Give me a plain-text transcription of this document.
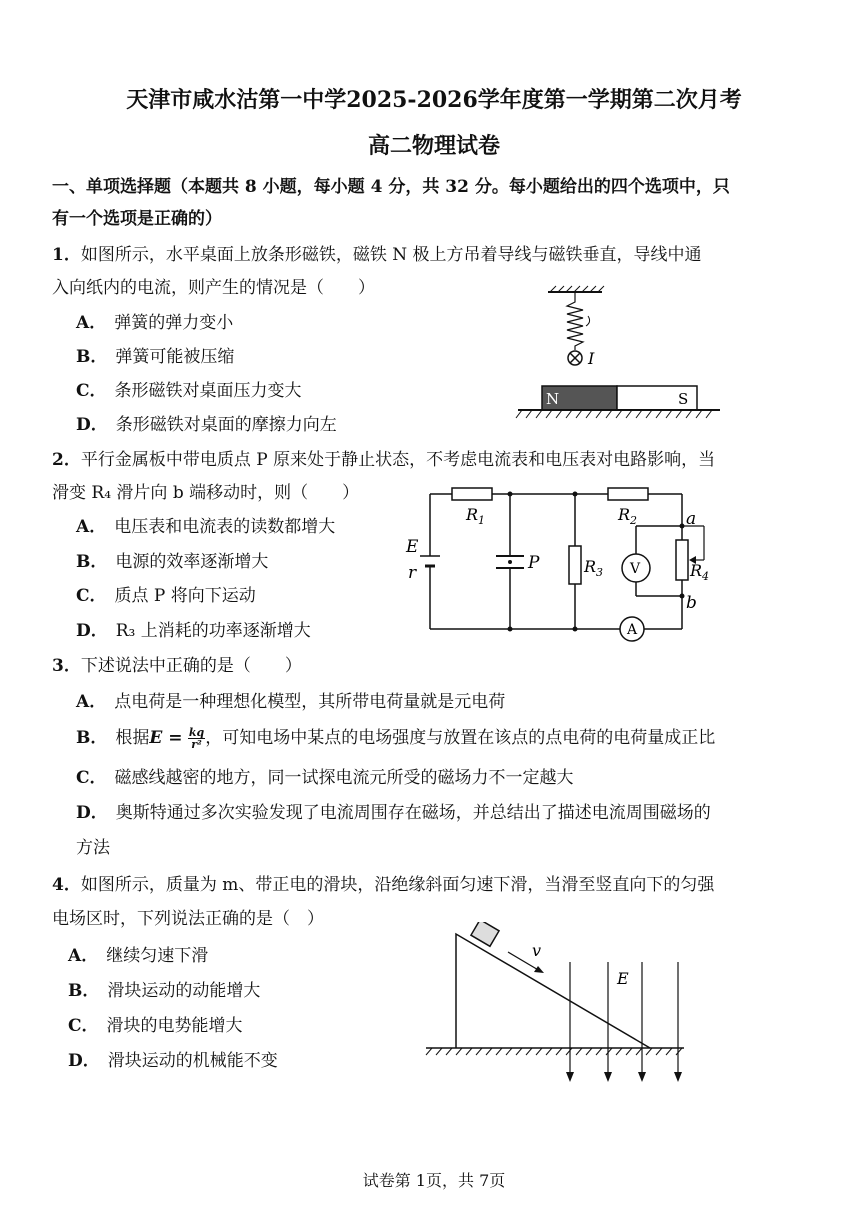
天津市咸水沽第一中学2025-2026学年度第一学期第二次月考
高二物理试卷
一、单项选择题（本题共 8 小题，每小题 4 分，共 32 分。每小题给出的四个选项中，只
有一个选项是正确的）
1．如图所示，水平桌面上放条形磁铁，磁铁 N 极上方吊着导线与磁铁垂直，导线中通
入向纸内的电流，则产生的情况是（　　）
A． 弹簧的弹力变小
B． 弹簧可能被压缩
C． 条形磁铁对桌面压力变大
D． 条形磁铁对桌面的摩擦力向左
I
N	S
2．平行金属板中带电质点 P 原来处于静止状态，不考虑电流表和电压表对电路影响，当
滑变 R₄ 滑片向 b 端移动时，则（　　）
A． 电压表和电流表的读数都增大
B． 电源的效率逐渐增大
C． 质点 P 将向下运动
D． R₃ 上消耗的功率逐渐增大
$R_1$	$R_2$
$R_3$	$R_4$
E
r	P
a
b
V
A
3．下述说法中正确的是（　　）
A． 点电荷是一种理想化模型，其所带电荷量就是元电荷
B． 根据$E = \frac{kq}{\text{r²}}$ ，可知电场中某点的电场强度与放置在该点的点电荷的电荷量成正比
C． 磁感线越密的地方，同一试探电流元所受的磁场力不一定越大
D． 奥斯特通过多次实验发现了电流周围存在磁场，并总结出了描述电流周围磁场的
方法
4．如图所示，质量为 m、带正电的滑块，沿绝缘斜面匀速下滑，当滑至竖直向下的匀强
电场区时，下列说法正确的是（　）
A． 继续匀速下滑
B． 滑块运动的动能增大
C． 滑块的电势能增大
D． 滑块运动的机械能不变
v
E
试卷第 1页，共 7页
